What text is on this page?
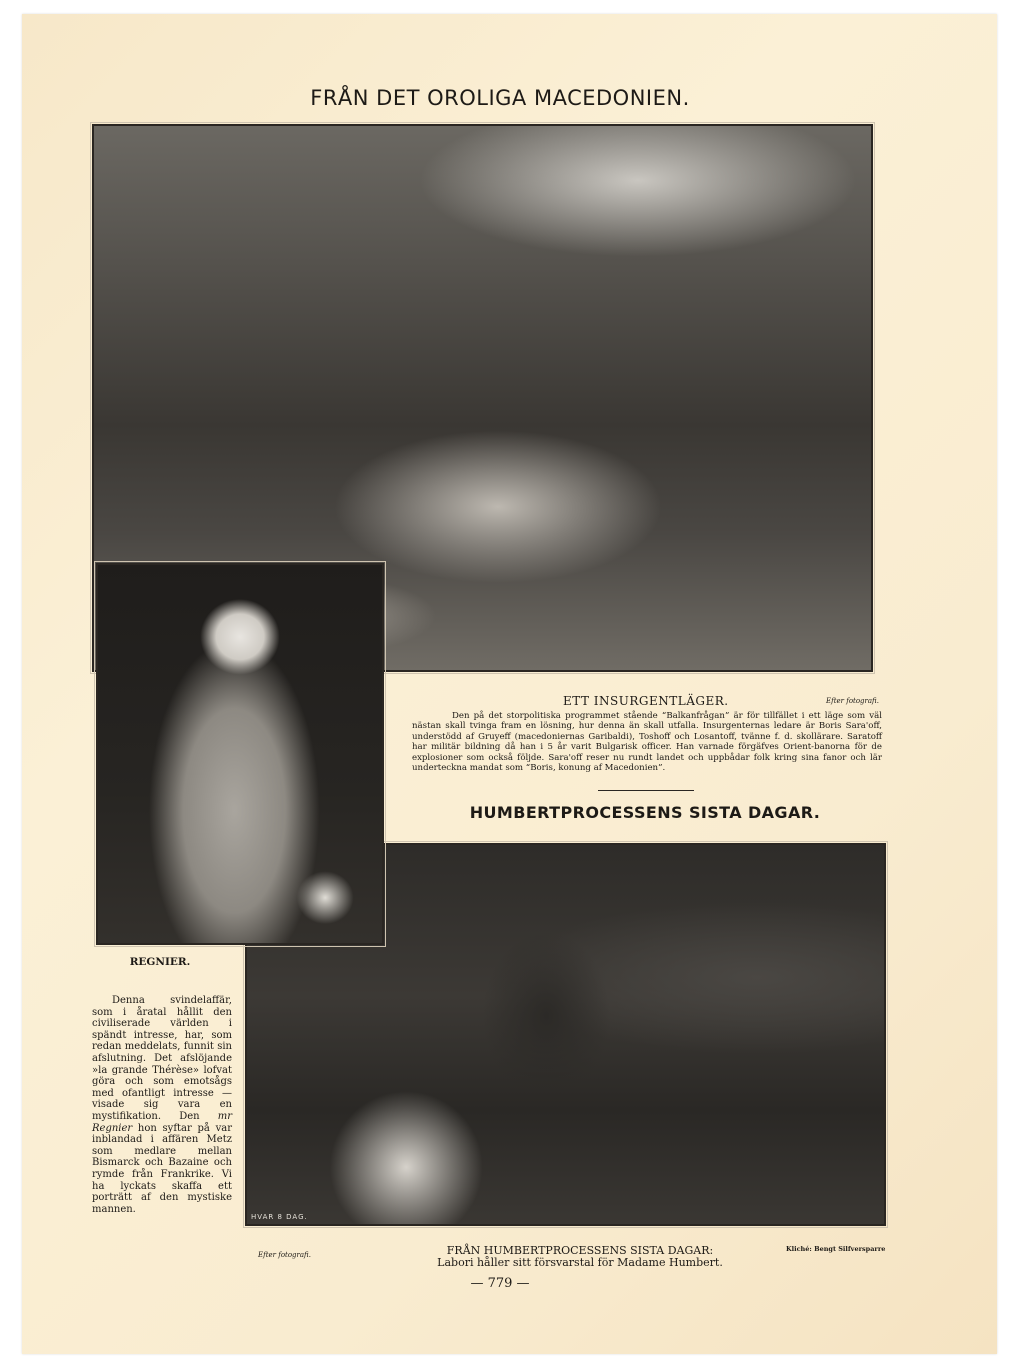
FRÅN DET OROLIGA MACEDONIEN.
ETT INSURGENTLÄGER.	Efter fotografi.

Den på det storpolitiska programmet stående “Balkanfrågan” är för tillfället i ett läge som väl nästan skall tvinga fram en lösning, hur denna än skall utfalla. Insurgenternas ledare är Boris Sara'off, understödd af Gruyeff (macedoniernas Garibaldi), Toshoff och Losantoff, tvänne f. d. skollärare. Saratoff har militär bildning då han i 5 år varit Bulgarisk officer. Han varnade förgäfves Orient-banorna för de explosioner som också följde. Sara'off reser nu rundt landet och uppbådar folk kring sina fanor och lär underteckna mandat som “Boris, konung af Macedonien”.

HUMBERTPROCESSENS SISTA DAGAR.
HVAR 8 DAG.
REGNIER.

Denna svindelaffär, som i åratal hållit den civiliserade världen i spändt intresse, har, som redan meddelats, funnit sin afslutning. Det afslöjande »la grande Thérèse» lofvat göra och som emotsågs med ofantligt intresse — visade sig vara en mystifikation. Den mr Regnier hon syftar på var inblandad i affären Metz som medlare mellan Bismarck och Bazaine och rymde från Frankrike. Vi ha lyckats skaffa ett porträtt af den mystiske mannen.

Efter fotografi.
Kliché: Bengt Silfversparre
FRÅN HUMBERTPROCESSENS SISTA DAGAR:
Labori håller sitt försvarstal för Madame Humbert.
— 779 —
